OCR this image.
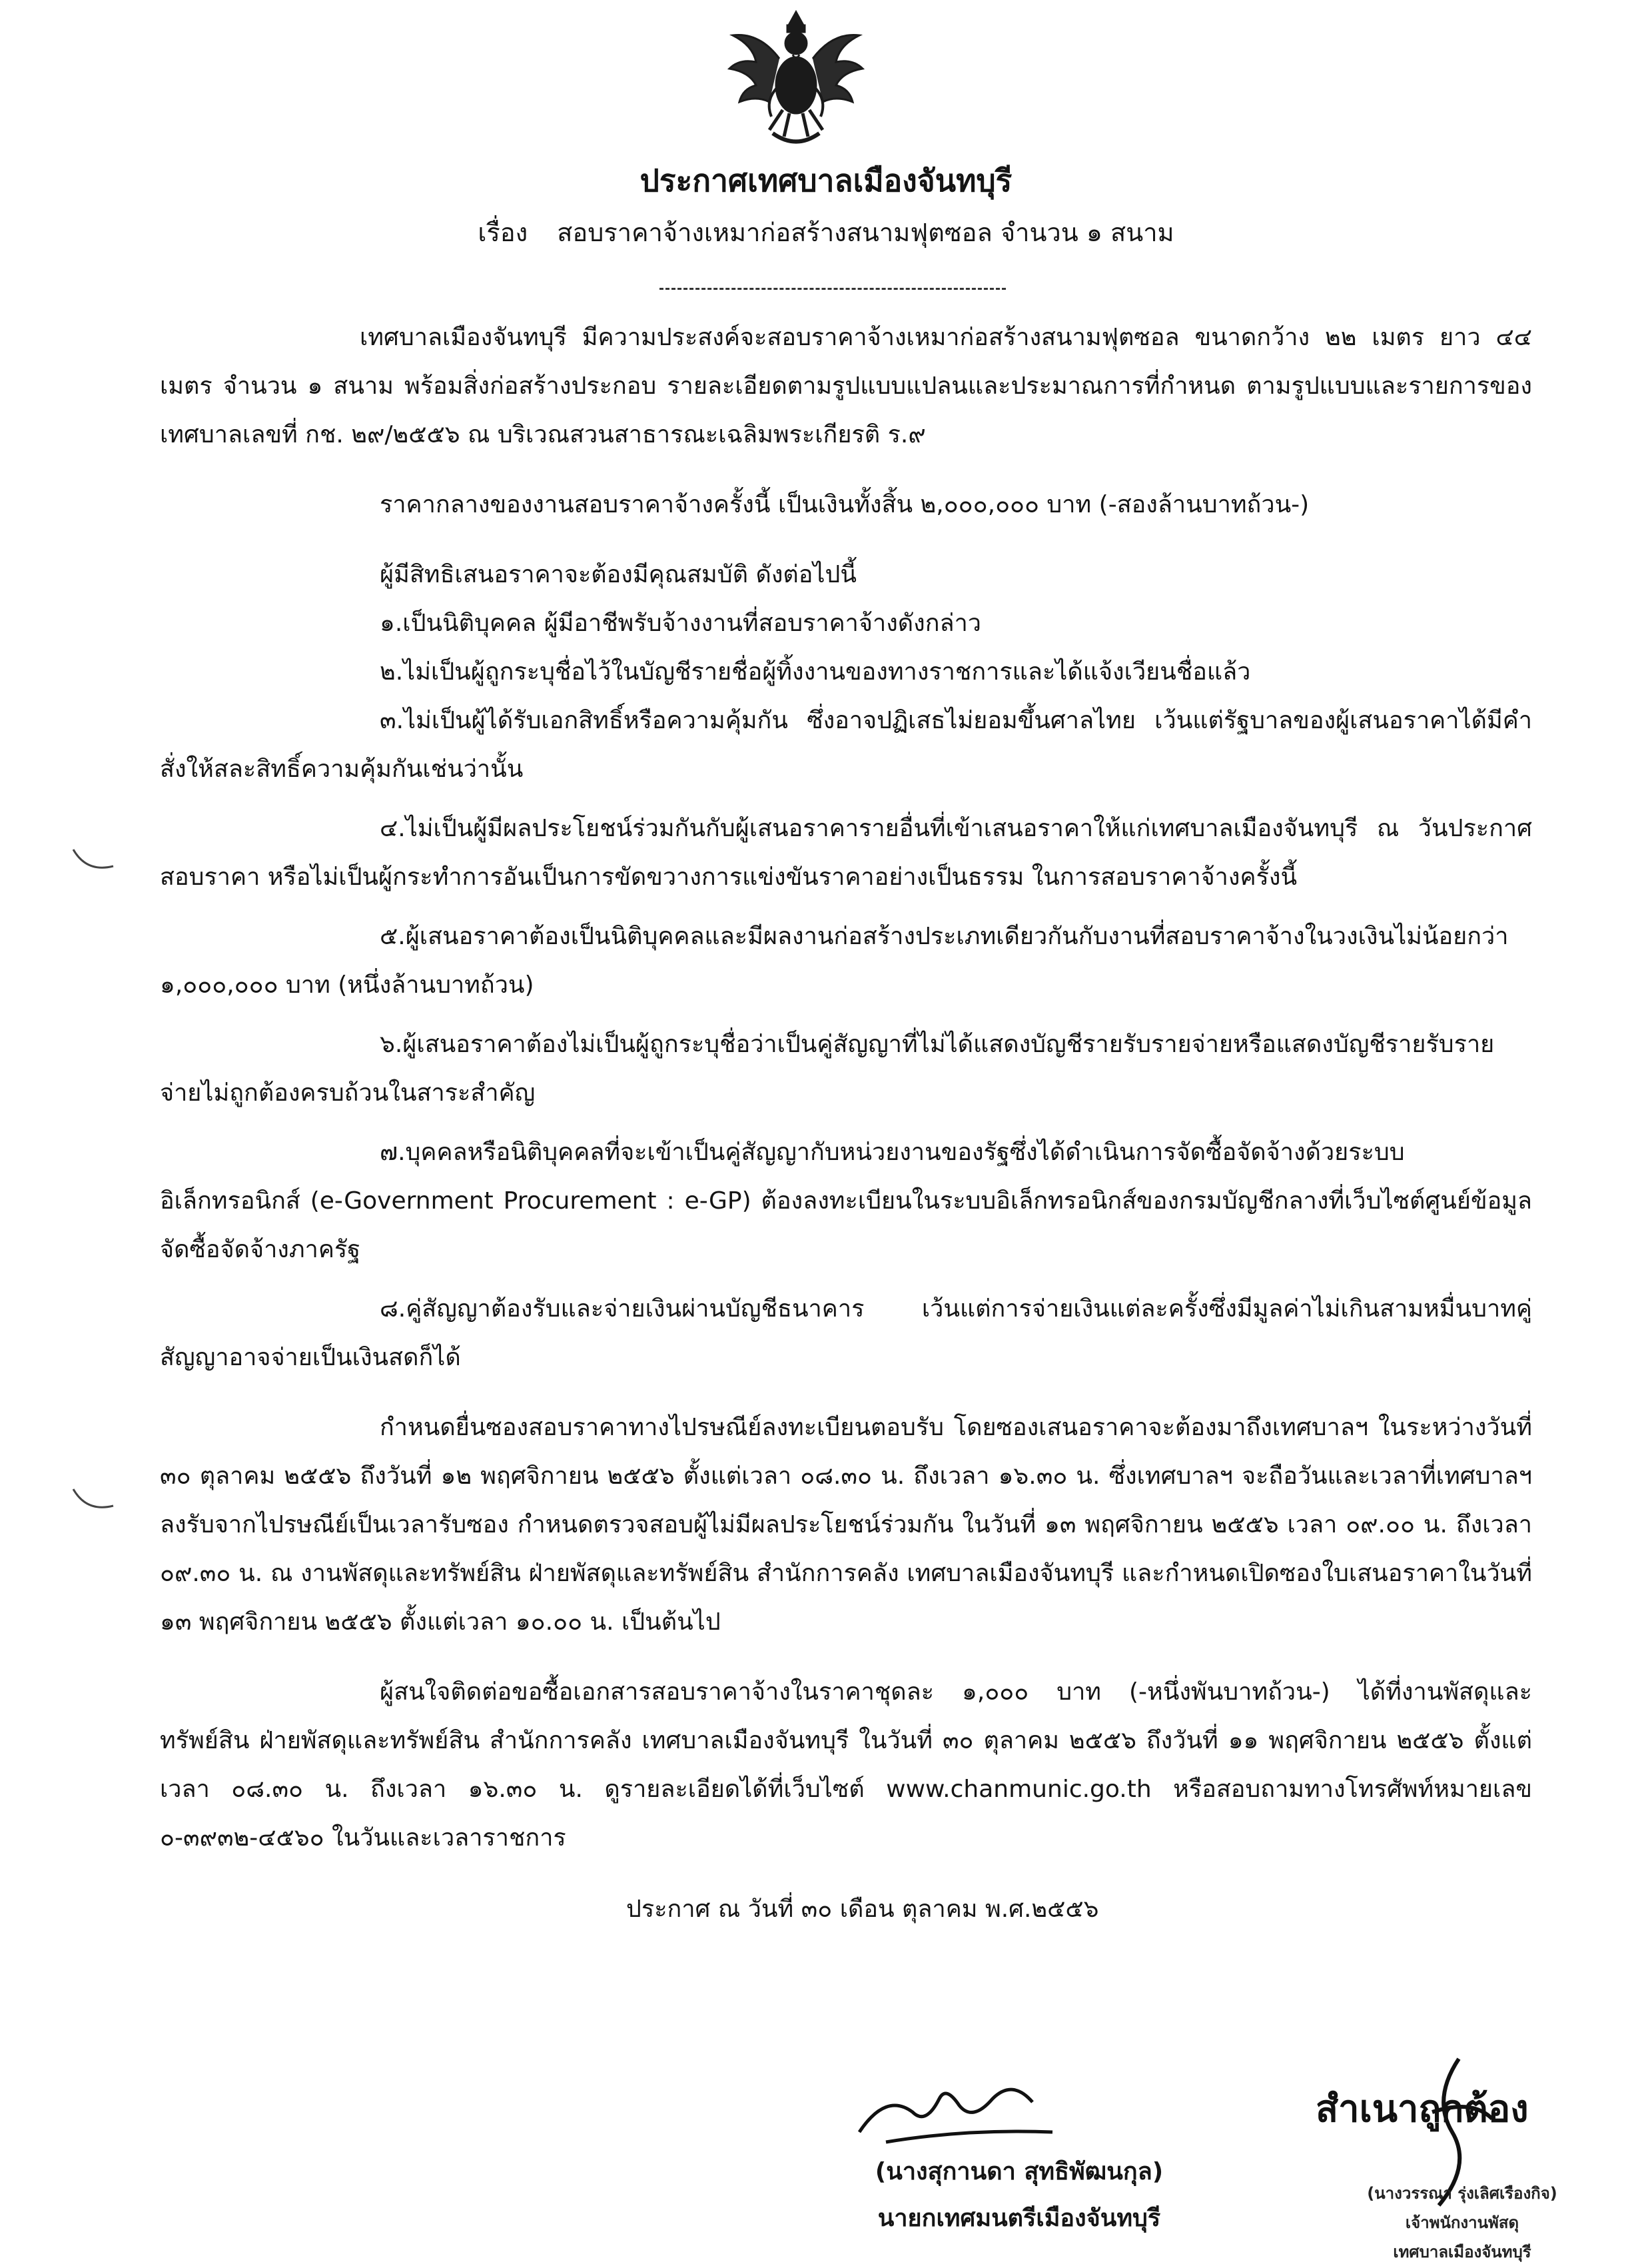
ประกาศเทศบาลเมืองจันทบุรี
เรื่อง สอบราคาจ้างเหมาก่อสร้างสนามฟุตซอล จำนวน ๑ สนาม

เทศบาลเมืองจันทบุรี มีความประสงค์จะสอบราคาจ้างเหมาก่อสร้างสนามฟุตซอล ขนาดกว้าง ๒๒ เมตร ยาว ๔๔ เมตร จำนวน ๑ สนาม พร้อมสิ่งก่อสร้างประกอบ รายละเอียดตามรูปแบบแปลนและประมาณการที่กำหนด ตามรูปแบบและรายการของเทศบาลเลขที่ กช. ๒๙/๒๕๕๖ ณ บริเวณสวนสาธารณะเฉลิมพระเกียรติ ร.๙

ราคากลางของงานสอบราคาจ้างครั้งนี้ เป็นเงินทั้งสิ้น ๒,๐๐๐,๐๐๐ บาท (-สองล้านบาทถ้วน-)

ผู้มีสิทธิเสนอราคาจะต้องมีคุณสมบัติ ดังต่อไปนี้

๑.เป็นนิติบุคคล ผู้มีอาชีพรับจ้างงานที่สอบราคาจ้างดังกล่าว

๒.ไม่เป็นผู้ถูกระบุชื่อไว้ในบัญชีรายชื่อผู้ทิ้งงานของทางราชการและได้แจ้งเวียนชื่อแล้ว

๓.ไม่เป็นผู้ได้รับเอกสิทธิ์หรือความคุ้มกัน ซึ่งอาจปฏิเสธไม่ยอมขึ้นศาลไทย เว้นแต่รัฐบาลของผู้เสนอราคาได้มีคำสั่งให้สละสิทธิ์ความคุ้มกันเช่นว่านั้น

๔.ไม่เป็นผู้มีผลประโยชน์ร่วมกันกับผู้เสนอราคารายอื่นที่เข้าเสนอราคาให้แก่เทศบาลเมืองจันทบุรี ณ วันประกาศสอบราคา หรือไม่เป็นผู้กระทำการอันเป็นการขัดขวางการแข่งขันราคาอย่างเป็นธรรม ในการสอบราคาจ้างครั้งนี้

๕.ผู้เสนอราคาต้องเป็นนิติบุคคลและมีผลงานก่อสร้างประเภทเดียวกันกับงานที่สอบราคาจ้างในวงเงินไม่น้อยกว่า ๑,๐๐๐,๐๐๐ บาท (หนึ่งล้านบาทถ้วน)

๖.ผู้เสนอราคาต้องไม่เป็นผู้ถูกระบุชื่อว่าเป็นคู่สัญญาที่ไม่ได้แสดงบัญชีรายรับรายจ่ายหรือแสดงบัญชีรายรับรายจ่ายไม่ถูกต้องครบถ้วนในสาระสำคัญ

๗.บุคคลหรือนิติบุคคลที่จะเข้าเป็นคู่สัญญากับหน่วยงานของรัฐซึ่งได้ดำเนินการจัดซื้อจัดจ้างด้วยระบบอิเล็กทรอนิกส์ (e-Government Procurement : e-GP) ต้องลงทะเบียนในระบบอิเล็กทรอนิกส์ของกรมบัญชีกลางที่เว็บไซต์ศูนย์ข้อมูลจัดซื้อจัดจ้างภาครัฐ

๘.คู่สัญญาต้องรับและจ่ายเงินผ่านบัญชีธนาคาร เว้นแต่การจ่ายเงินแต่ละครั้งซึ่งมีมูลค่าไม่เกินสามหมื่นบาทคู่สัญญาอาจจ่ายเป็นเงินสดก็ได้

กำหนดยื่นซองสอบราคาทางไปรษณีย์ลงทะเบียนตอบรับ โดยซองเสนอราคาจะต้องมาถึงเทศบาลฯ ในระหว่างวันที่ ๓๐ ตุลาคม ๒๕๕๖ ถึงวันที่ ๑๒ พฤศจิกายน ๒๕๕๖ ตั้งแต่เวลา ๐๘.๓๐ น. ถึงเวลา ๑๖.๓๐ น. ซึ่งเทศบาลฯ จะถือวันและเวลาที่เทศบาลฯ ลงรับจากไปรษณีย์เป็นเวลารับซอง กำหนดตรวจสอบผู้ไม่มีผลประโยชน์ร่วมกัน ในวันที่ ๑๓ พฤศจิกายน ๒๕๕๖ เวลา ๐๙.๐๐ น. ถึงเวลา ๐๙.๓๐ น. ณ งานพัสดุและทรัพย์สิน ฝ่ายพัสดุและทรัพย์สิน สำนักการคลัง เทศบาลเมืองจันทบุรี และกำหนดเปิดซองใบเสนอราคาในวันที่ ๑๓ พฤศจิกายน ๒๕๕๖ ตั้งแต่เวลา ๑๐.๐๐ น. เป็นต้นไป

ผู้สนใจติดต่อขอซื้อเอกสารสอบราคาจ้างในราคาชุดละ ๑,๐๐๐ บาท (-หนึ่งพันบาทถ้วน-) ได้ที่งานพัสดุและทรัพย์สิน ฝ่ายพัสดุและทรัพย์สิน สำนักการคลัง เทศบาลเมืองจันทบุรี ในวันที่ ๓๐ ตุลาคม ๒๕๕๖ ถึงวันที่ ๑๑ พฤศจิกายน ๒๕๕๖ ตั้งแต่เวลา ๐๘.๓๐ น. ถึงเวลา ๑๖.๓๐ น. ดูรายละเอียดได้ที่เว็บไซต์ www.chanmunic.go.th หรือสอบถามทางโทรศัพท์หมายเลข ๐-๓๙๓๒-๔๕๖๐ ในวันและเวลาราชการ

ประกาศ ณ วันที่ ๓๐ เดือน ตุลาคม พ.ศ.๒๕๕๖

(นางสุกานดา สุทธิพัฒนกุล)
นายกเทศมนตรีเมืองจันทบุรี
สำเนาถูกต้อง
(นางวรรณา รุ่งเลิศเรืองกิจ)
เจ้าพนักงานพัสดุ
เทศบาลเมืองจันทบุรี
